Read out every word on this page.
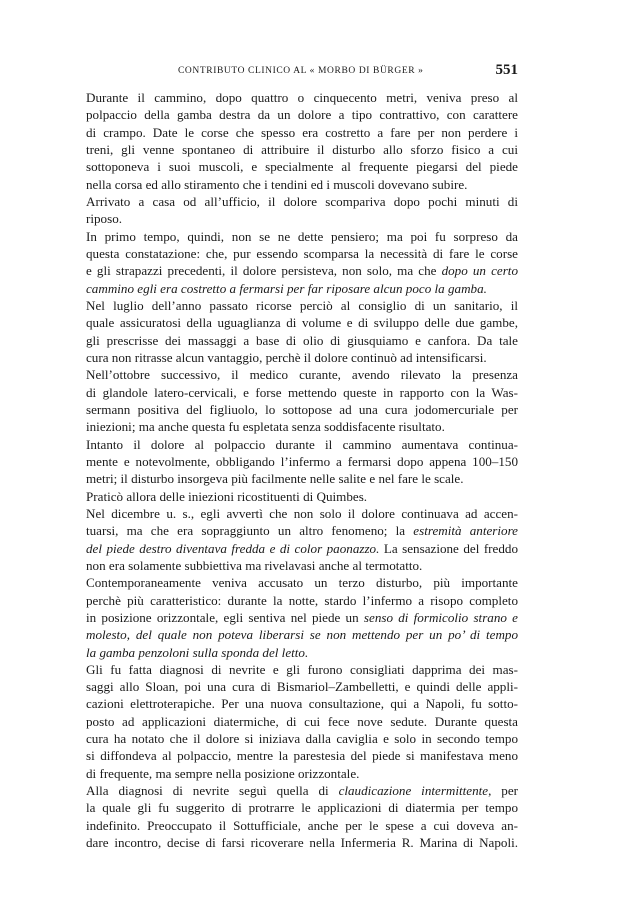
CONTRIBUTO CLINICO AL « MORBO DI BÜRGER »	551
Durante il cammino, dopo quattro o cinquecento metri, veniva preso al
polpaccio della gamba destra da un dolore a tipo contrattivo, con carattere
di crampo. Date le corse che spesso era costretto a fare per non perdere i
treni, gli venne spontaneo di attribuire il disturbo allo sforzo fisico a cui
sottoponeva i suoi muscoli, e specialmente al frequente piegarsi del piede
nella corsa ed allo stiramento che i tendini ed i muscoli dovevano subire.
Arrivato a casa od all’ufficio, il dolore scompariva dopo pochi minuti di
riposo.
In primo tempo, quindi, non se ne dette pensiero; ma poi fu sorpreso da
questa constatazione: che, pur essendo scomparsa la necessità di fare le corse
e gli strapazzi precedenti, il dolore persisteva, non solo, ma che dopo un certo
cammino egli era costretto a fermarsi per far riposare alcun poco la gamba.
Nel luglio dell’anno passato ricorse perciò al consiglio di un sanitario, il
quale assicuratosi della uguaglianza di volume e di sviluppo delle due gambe,
gli prescrisse dei massaggi a base di olio di giusquiamo e canfora. Da tale
cura non ritrasse alcun vantaggio, perchè il dolore continuò ad intensificarsi.
Nell’ottobre successivo, il medico curante, avendo rilevato la presenza
di glandole latero-cervicali, e forse mettendo queste in rapporto con la Was-
sermann positiva del figliuolo, lo sottopose ad una cura jodomercuriale per
iniezioni; ma anche questa fu espletata senza soddisfacente risultato.
Intanto il dolore al polpaccio durante il cammino aumentava continua-
mente e notevolmente, obbligando l’infermo a fermarsi dopo appena 100–150
metri; il disturbo insorgeva più facilmente nelle salite e nel fare le scale.
Praticò allora delle iniezioni ricostituenti di Quimbes.
Nel dicembre u. s., egli avvertì che non solo il dolore continuava ad accen-
tuarsi, ma che era sopraggiunto un altro fenomeno; la estremità anteriore
del piede destro diventava fredda e di color paonazzo. La sensazione del freddo
non era solamente subbiettiva ma rivelavasi anche al termotatto.
Contemporaneamente veniva accusato un terzo disturbo, più importante
perchè più caratteristico: durante la notte, stardo l’infermo a risopo completo
in posizione orizzontale, egli sentiva nel piede un senso di formicolio strano e
molesto, del quale non poteva liberarsi se non mettendo per un po’ di tempo
la gamba penzoloni sulla sponda del letto.
Gli fu fatta diagnosi di nevrite e gli furono consigliati dapprima dei mas-
saggi allo Sloan, poi una cura di Bismariol–Zambelletti, e quindi delle appli-
cazioni elettroterapiche. Per una nuova consultazione, qui a Napoli, fu sotto-
posto ad applicazioni diatermiche, di cui fece nove sedute. Durante questa
cura ha notato che il dolore si iniziava dalla caviglia e solo in secondo tempo
si diffondeva al polpaccio, mentre la parestesia del piede si manifestava meno
di frequente, ma sempre nella posizione orizzontale.
Alla diagnosi di nevrite seguì quella di claudicazione intermittente, per
la quale gli fu suggerito di protrarre le applicazioni di diatermia per tempo
indefinito. Preoccupato il Sottufficiale, anche per le spese a cui doveva an-
dare incontro, decise di farsi ricoverare nella Infermeria R. Marina di Napoli.
